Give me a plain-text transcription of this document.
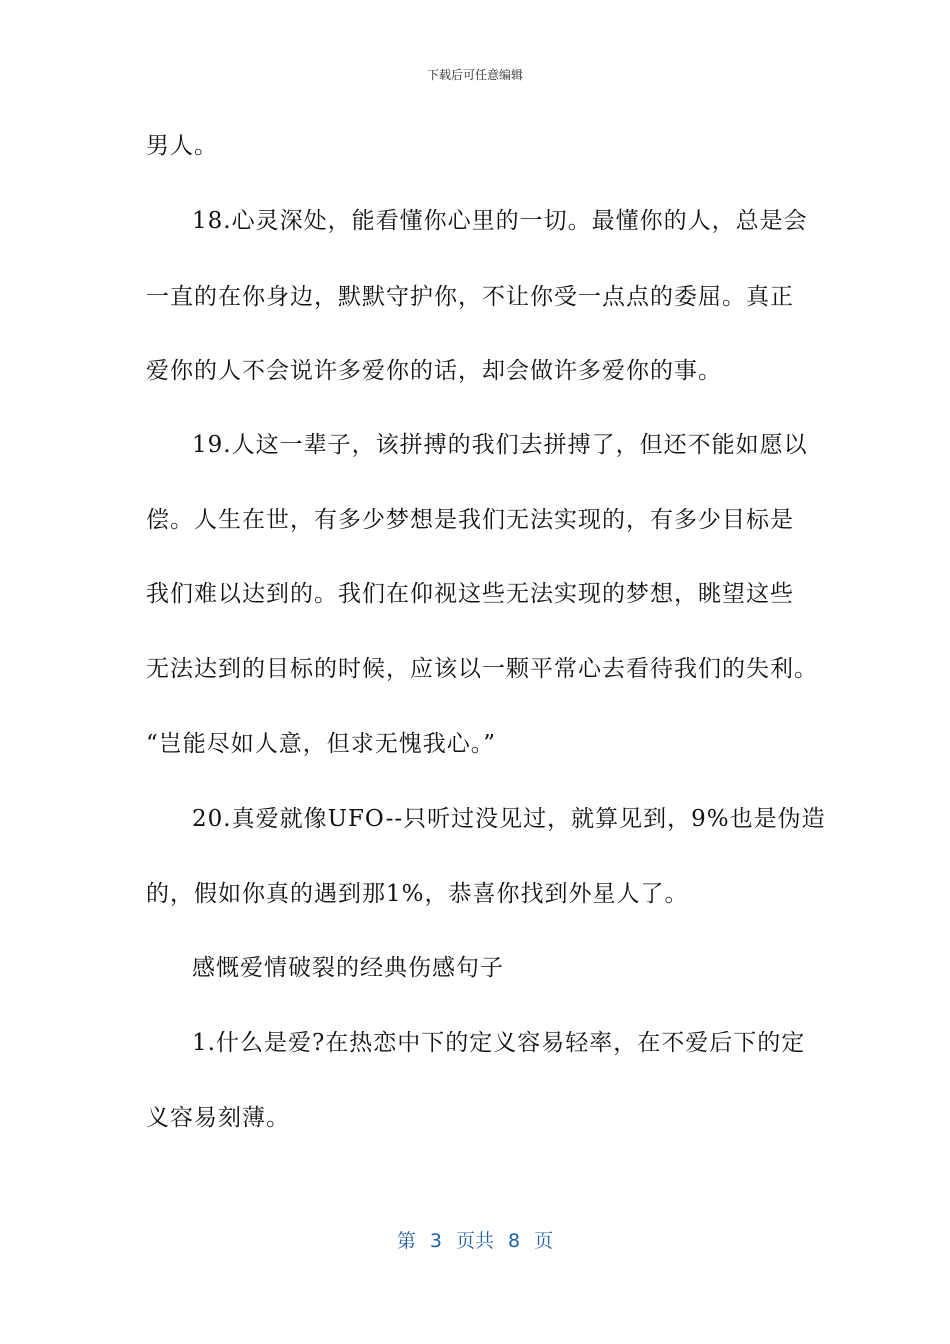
下载后可任意编辑
男人。
18.心灵深处，能看懂你心里的一切。最懂你的人，总是会
一直的在你身边，默默守护你，不让你受一点点的委屈。真正
爱你的人不会说许多爱你的话，却会做许多爱你的事。
19.人这一辈子，该拼搏的我们去拼搏了，但还不能如愿以
偿。人生在世，有多少梦想是我们无法实现的，有多少目标是
我们难以达到的。我们在仰视这些无法实现的梦想，眺望这些
无法达到的目标的时候，应该以一颗平常心去看待我们的失利。
“岂能尽如人意，但求无愧我心。”
20.真爱就像UFO--只听过没见过，就算见到，9%也是伪造
的，假如你真的遇到那1%，恭喜你找到外星人了。
感慨爱情破裂的经典伤感句子
1.什么是爱?在热恋中下的定义容易轻率，在不爱后下的定
义容易刻薄。
第 3 页共 8 页
